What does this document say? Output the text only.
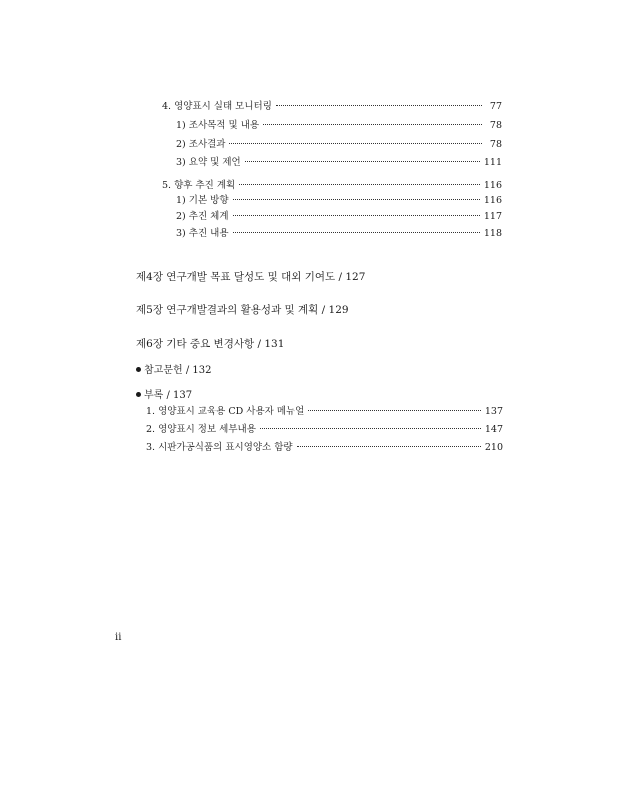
4. 영양표시 실태 모니터링	77
1) 조사목적 및 내용	78
2) 조사결과	78
3) 요약 및 제언	111
5. 향후 추진 계획	116
1) 기본 방향	116
2) 추진 체계	117
3) 추진 내용	118
제4장 연구개발 목표 달성도 및 대외 기여도 / 127
제5장 연구개발결과의 활용성과 및 계획 / 129
제6장 기타 중요 변경사항 / 131
참고문헌 / 132
부록 / 137
1. 영양표시 교육용 CD 사용자 메뉴얼	137
2. 영양표시 정보 세부내용	147
3. 시판가공식품의 표시영양소 함량	210
ii
